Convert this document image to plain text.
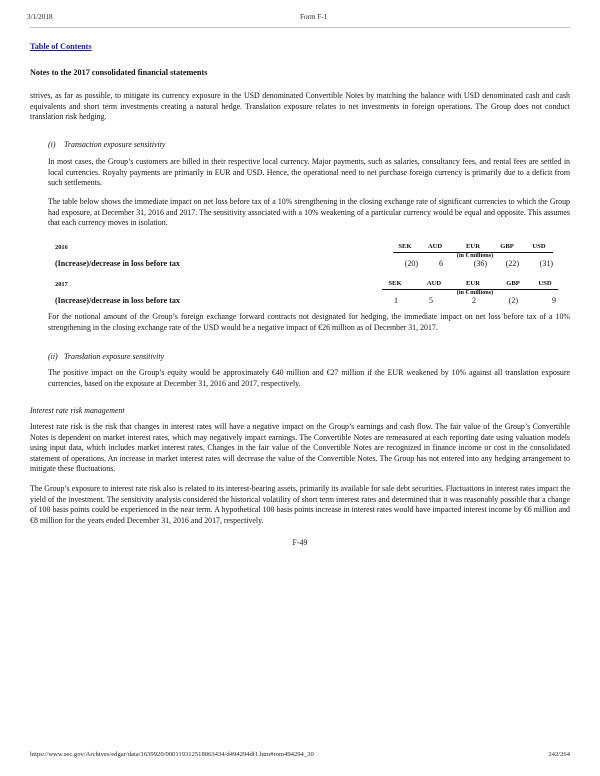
3/1/2018	Form F-1
Table of Contents
Notes to the 2017 consolidated financial statements
strives, as far as possible, to mitigate its currency exposure in the USD denominated Convertible Notes by matching the balance with USD denominated cash and cash equivalents and short term investments creating a natural hedge. Translation exposure relates to net investments in foreign operations. The Group does not conduct translation risk hedging.
(i) Transaction exposure sensitivity
In most cases, the Group’s customers are billed in their respective local currency. Major payments, such as salaries, consultancy fees, and rental fees are settled in local currencies. Royalty payments are primarily in EUR and USD. Hence, the operational need to net purchase foreign currency is primarily due to a deficit from such settlements.
The table below shows the immediate impact on net loss before tax of a 10% strengthening in the closing exchange rate of significant currencies to which the Group had exposure, at December 31, 2016 and 2017. The sensitivity associated with a 10% weakening of a particular currency would be equal and opposite. This assumes that each currency moves in isolation.
2016	SEK	AUD	EUR	GBP	USD
(in € millions)
(Increase)/decrease in loss before tax	(20)	6	(36)	(22)	(31)
2017	SEK	AUD	EUR	GBP	USD
(in € millions)
(Increase)/decrease in loss before tax	1	5	2	(2)	9
For the notional amount of the Group’s foreign exchange forward contracts not designated for hedging, the immediate impact on net loss before tax of a 10% strengthening in the closing exchange rate of the USD would be a negative impact of €26 million as of December 31, 2017.
(ii) Translation exposure sensitivity
The positive impact on the Group’s equity would be approximately €40 million and €27 million if the EUR weakened by 10% against all translation exposure currencies, based on the exposure at December 31, 2016 and 2017, respectively.
Interest rate risk management
Interest rate risk is the risk that changes in interest rates will have a negative impact on the Group’s earnings and cash flow. The fair value of the Group’s Convertible Notes is dependent on market interest rates, which may negatively impact earnings. The Convertible Notes are remeasured at each reporting date using valuation models using input data, which includes market interest rates. Changes in the fair value of the Convertible Notes are recognized in finance income or cost in the consolidated statement of operations. An increase in market interest rates will decrease the value of the Convertible Notes. The Group has not entered into any hedging arrangement to mitigate these fluctuations.
The Group’s exposure to interest rate risk also is related to its interest-bearing assets, primarily its available for sale debt securities. Fluctuations in interest rates impact the yield of the investment. The sensitivity analysis considered the historical volatility of short term interest rates and determined that it was reasonably possible that a change of 100 basis points could be experienced in the near term. A hypothetical 100 basis points increase in interest rates would have impacted interest income by €6 million and €8 million for the years ended December 31, 2016 and 2017, respectively.
F-49
https://www.sec.gov/Archives/edgar/data/1639920/000119312518063434/d494294df1.htm#rom494294_30	242/264
